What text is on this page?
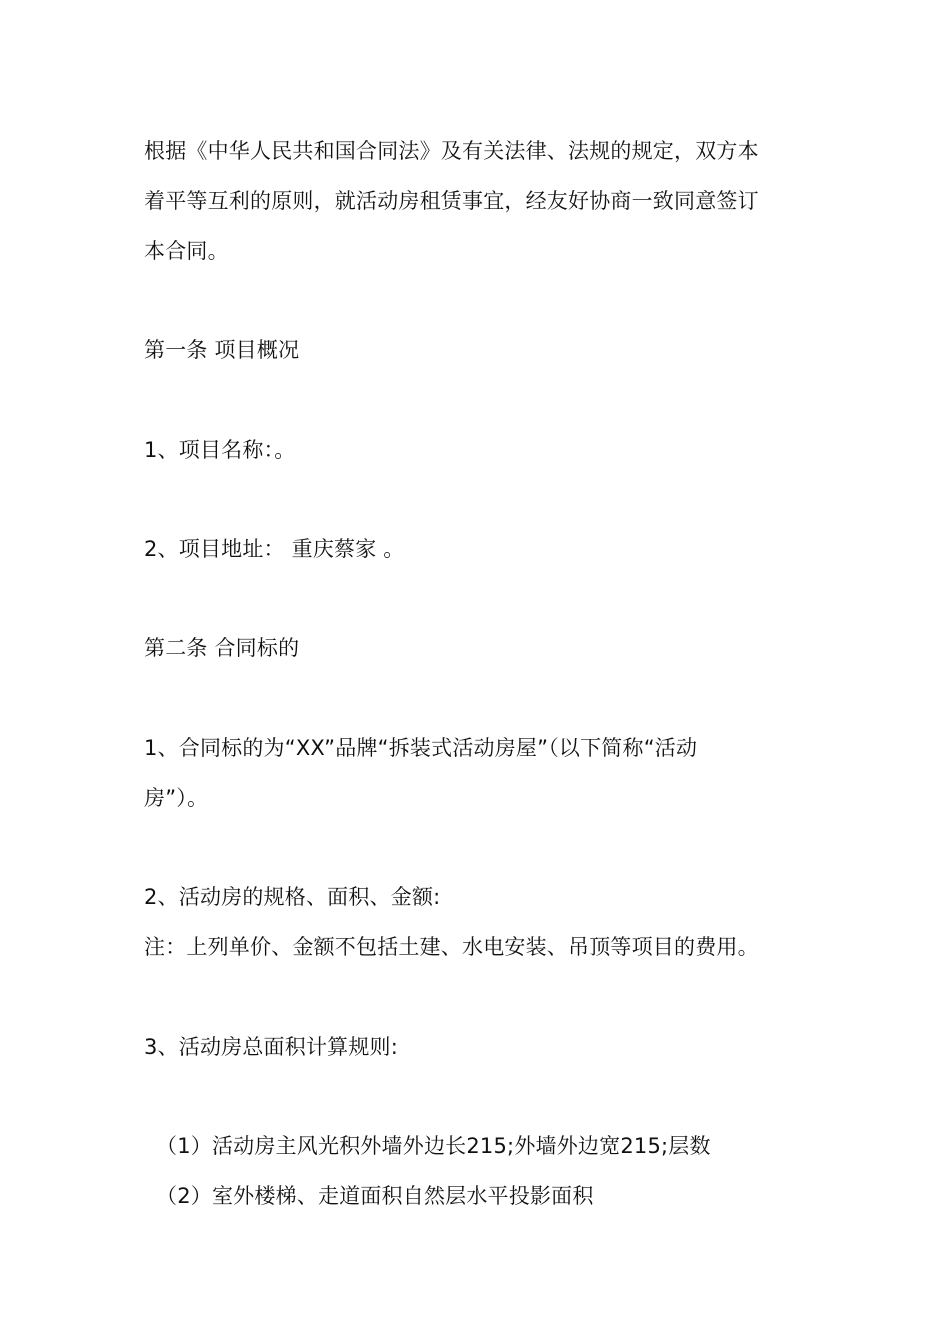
根据《中华人民共和国合同法》及有关法律、法规的规定，双方本
着平等互利的原则，就活动房租赁事宜，经友好协商一致同意签订
本合同。
第一条 项目概况
1、项目名称：。
2、项目地址： 重庆蔡家 。
第二条 合同标的
1、合同标的为“XX”品牌“拆装式活动房屋”（以下简称“活动
房”）。
2、活动房的规格、面积、金额:
注：上列单价、金额不包括土建、水电安装、吊顶等项目的费用。
3、活动房总面积计算规则:
（1）活动房主风光积外墙外边长215;外墙外边宽215;层数
（2）室外楼梯、走道面积自然层水平投影面积
